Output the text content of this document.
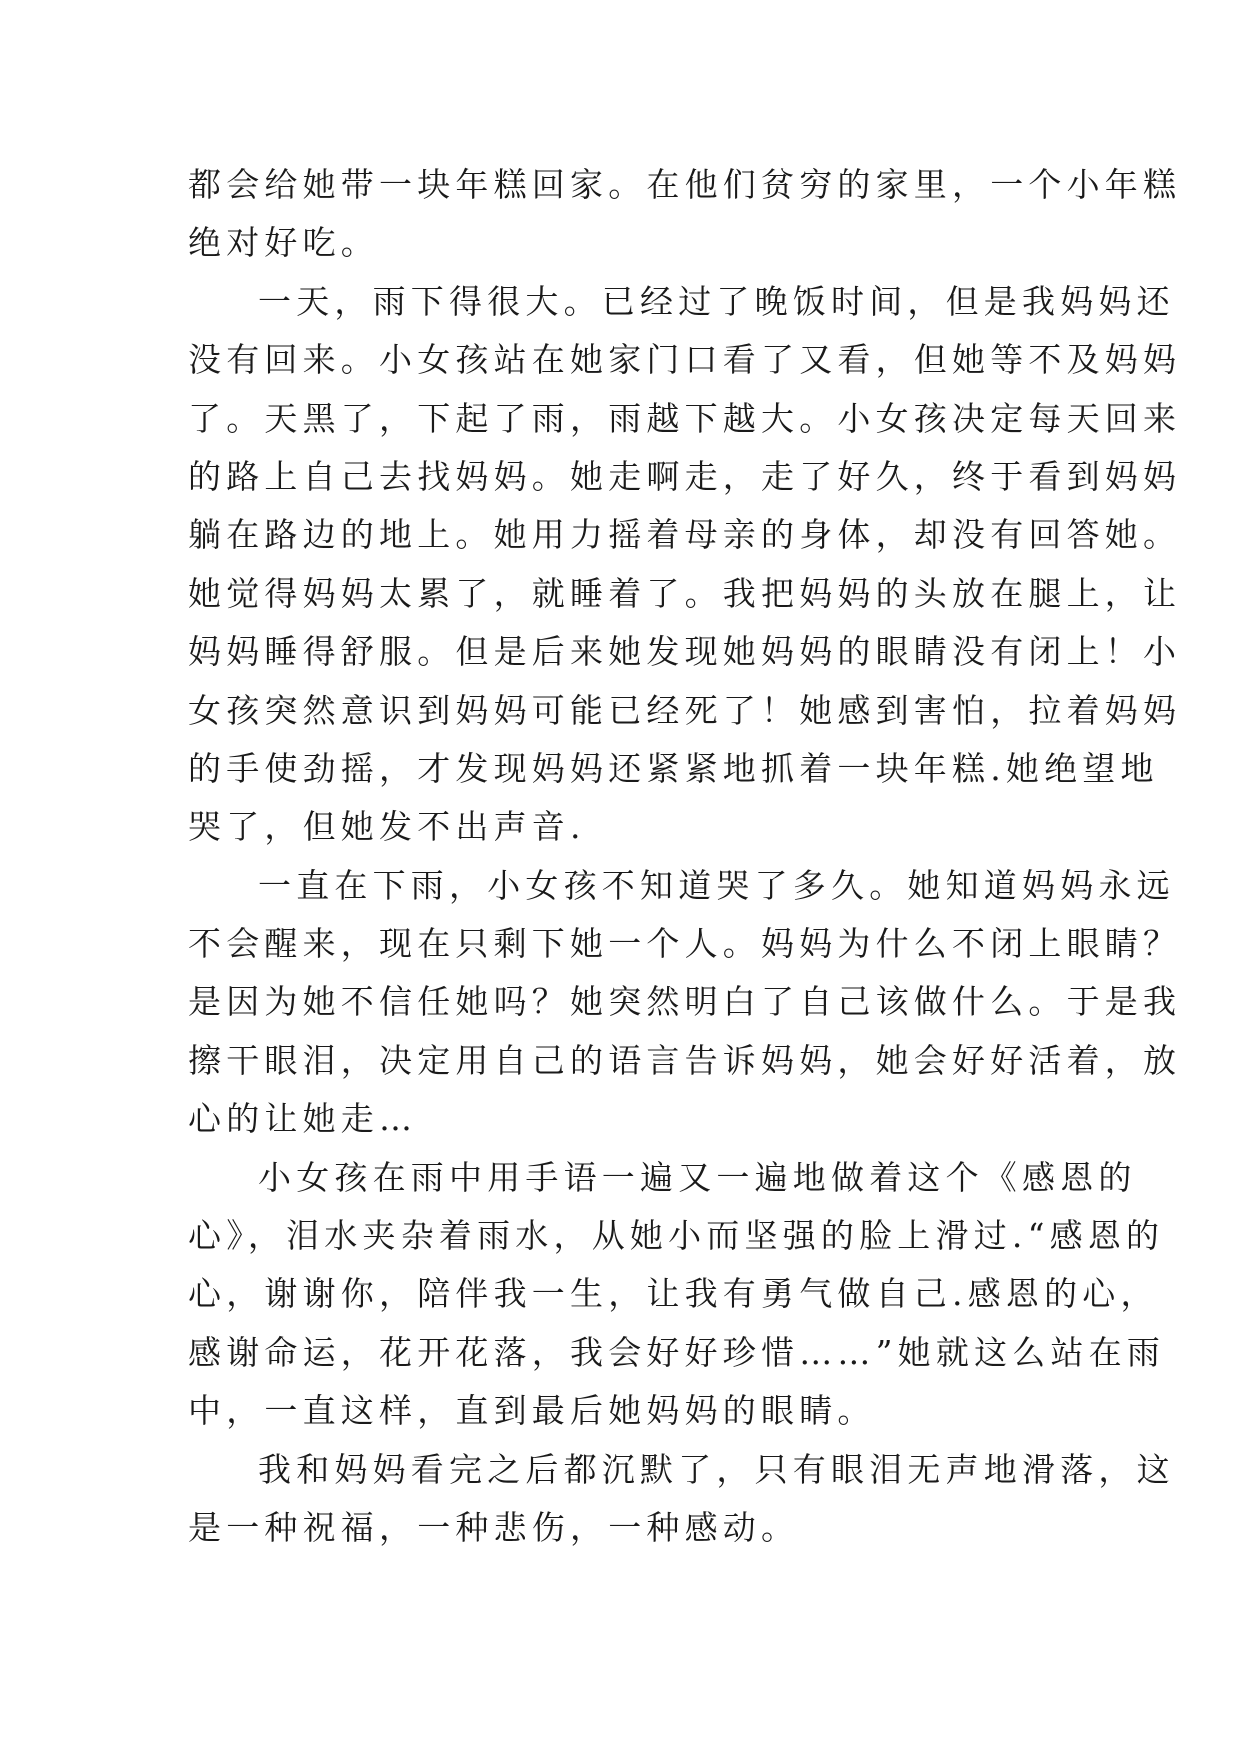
都会给她带一块年糕回家。在他们贫穷的家里，一个小年糕
绝对好吃。
一天，雨下得很大。已经过了晚饭时间，但是我妈妈还
没有回来。小女孩站在她家门口看了又看，但她等不及妈妈
了。天黑了，下起了雨，雨越下越大。小女孩决定每天回来
的路上自己去找妈妈。她走啊走，走了好久，终于看到妈妈
躺在路边的地上。她用力摇着母亲的身体，却没有回答她。
她觉得妈妈太累了，就睡着了。我把妈妈的头放在腿上，让
妈妈睡得舒服。但是后来她发现她妈妈的眼睛没有闭上！小
女孩突然意识到妈妈可能已经死了！她感到害怕，拉着妈妈
的手使劲摇，才发现妈妈还紧紧地抓着一块年糕.她绝望地
哭了，但她发不出声音.
一直在下雨，小女孩不知道哭了多久。她知道妈妈永远
不会醒来，现在只剩下她一个人。妈妈为什么不闭上眼睛？
是因为她不信任她吗？她突然明白了自己该做什么。于是我
擦干眼泪，决定用自己的语言告诉妈妈，她会好好活着，放
心的让她走…
小女孩在雨中用手语一遍又一遍地做着这个《感恩的
心》，泪水夹杂着雨水，从她小而坚强的脸上滑过.“感恩的
心，谢谢你，陪伴我一生，让我有勇气做自己.感恩的心，
感谢命运，花开花落，我会好好珍惜……”她就这么站在雨
中，一直这样，直到最后她妈妈的眼睛。
我和妈妈看完之后都沉默了，只有眼泪无声地滑落，这
是一种祝福，一种悲伤，一种感动。
